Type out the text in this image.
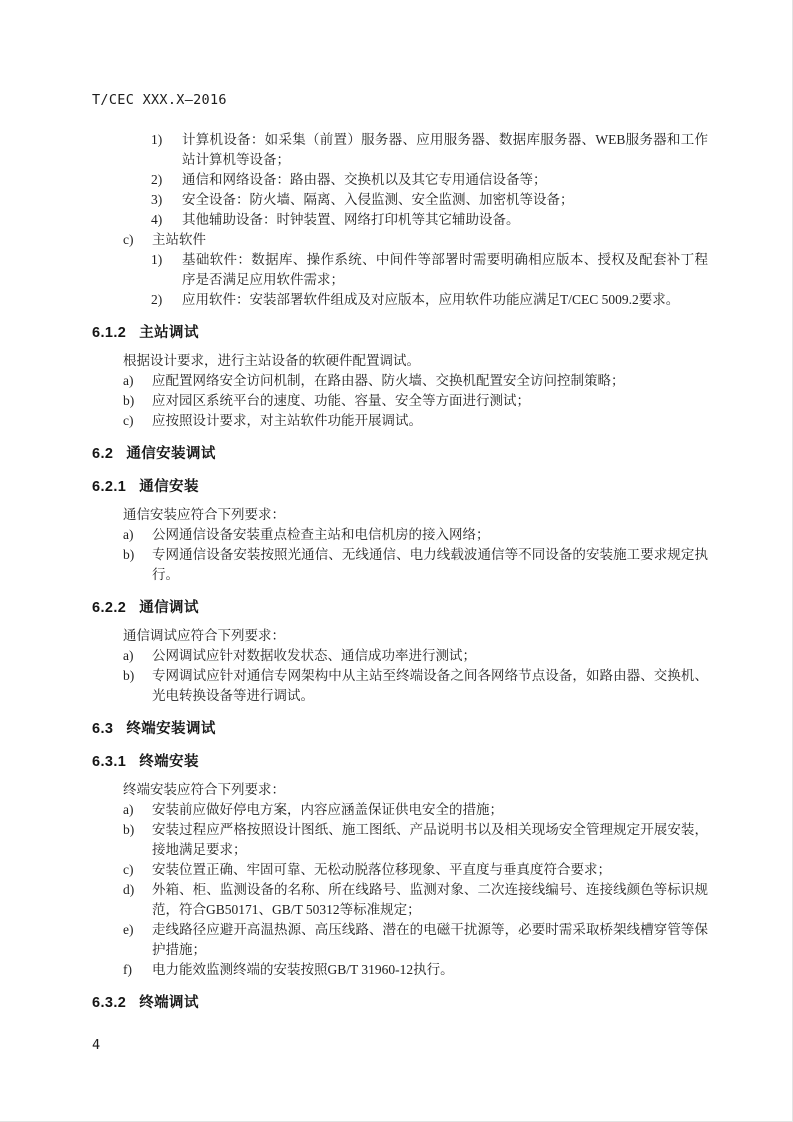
T/CEC XXX.X—2016
1)	计算机设备：如采集（前置）服务器、应用服务器、数据库服务器、WEB服务器和工作站计算机等设备；
2)	通信和网络设备：路由器、交换机以及其它专用通信设备等；
3)	安全设备：防火墙、隔离、入侵监测、安全监测、加密机等设备；
4)	其他辅助设备：时钟装置、网络打印机等其它辅助设备。
c)	主站软件
1)	基础软件：数据库、操作系统、中间件等部署时需要明确相应版本、授权及配套补丁程序是否满足应用软件需求；
2)	应用软件：安装部署软件组成及对应版本，应用软件功能应满足T/CEC 5009.2要求。
6.1.2 主站调试
根据设计要求，进行主站设备的软硬件配置调试。
a)	应配置网络安全访问机制，在路由器、防火墙、交换机配置安全访问控制策略；
b)	应对园区系统平台的速度、功能、容量、安全等方面进行测试；
c)	应按照设计要求，对主站软件功能开展调试。
6.2 通信安装调试
6.2.1 通信安装
通信安装应符合下列要求：
a)	公网通信设备安装重点检查主站和电信机房的接入网络；
b)	专网通信设备安装按照光通信、无线通信、电力线载波通信等不同设备的安装施工要求规定执行。
6.2.2 通信调试
通信调试应符合下列要求：
a)	公网调试应针对数据收发状态、通信成功率进行测试；
b)	专网调试应针对通信专网架构中从主站至终端设备之间各网络节点设备，如路由器、交换机、光电转换设备等进行调试。
6.3 终端安装调试
6.3.1 终端安装
终端安装应符合下列要求：
a)	安装前应做好停电方案，内容应涵盖保证供电安全的措施；
b)	安装过程应严格按照设计图纸、施工图纸、产品说明书以及相关现场安全管理规定开展安装，接地满足要求；
c)	安装位置正确、牢固可靠、无松动脱落位移现象、平直度与垂真度符合要求；
d)	外箱、柜、监测设备的名称、所在线路号、监测对象、二次连接线编号、连接线颜色等标识规范，符合GB50171、GB/T 50312等标准规定；
e)	走线路径应避开高温热源、高压线路、潜在的电磁干扰源等，必要时需采取桥架线槽穿管等保护措施；
f)	电力能效监测终端的安装按照GB/T 31960-12执行。
6.3.2 终端调试
4
